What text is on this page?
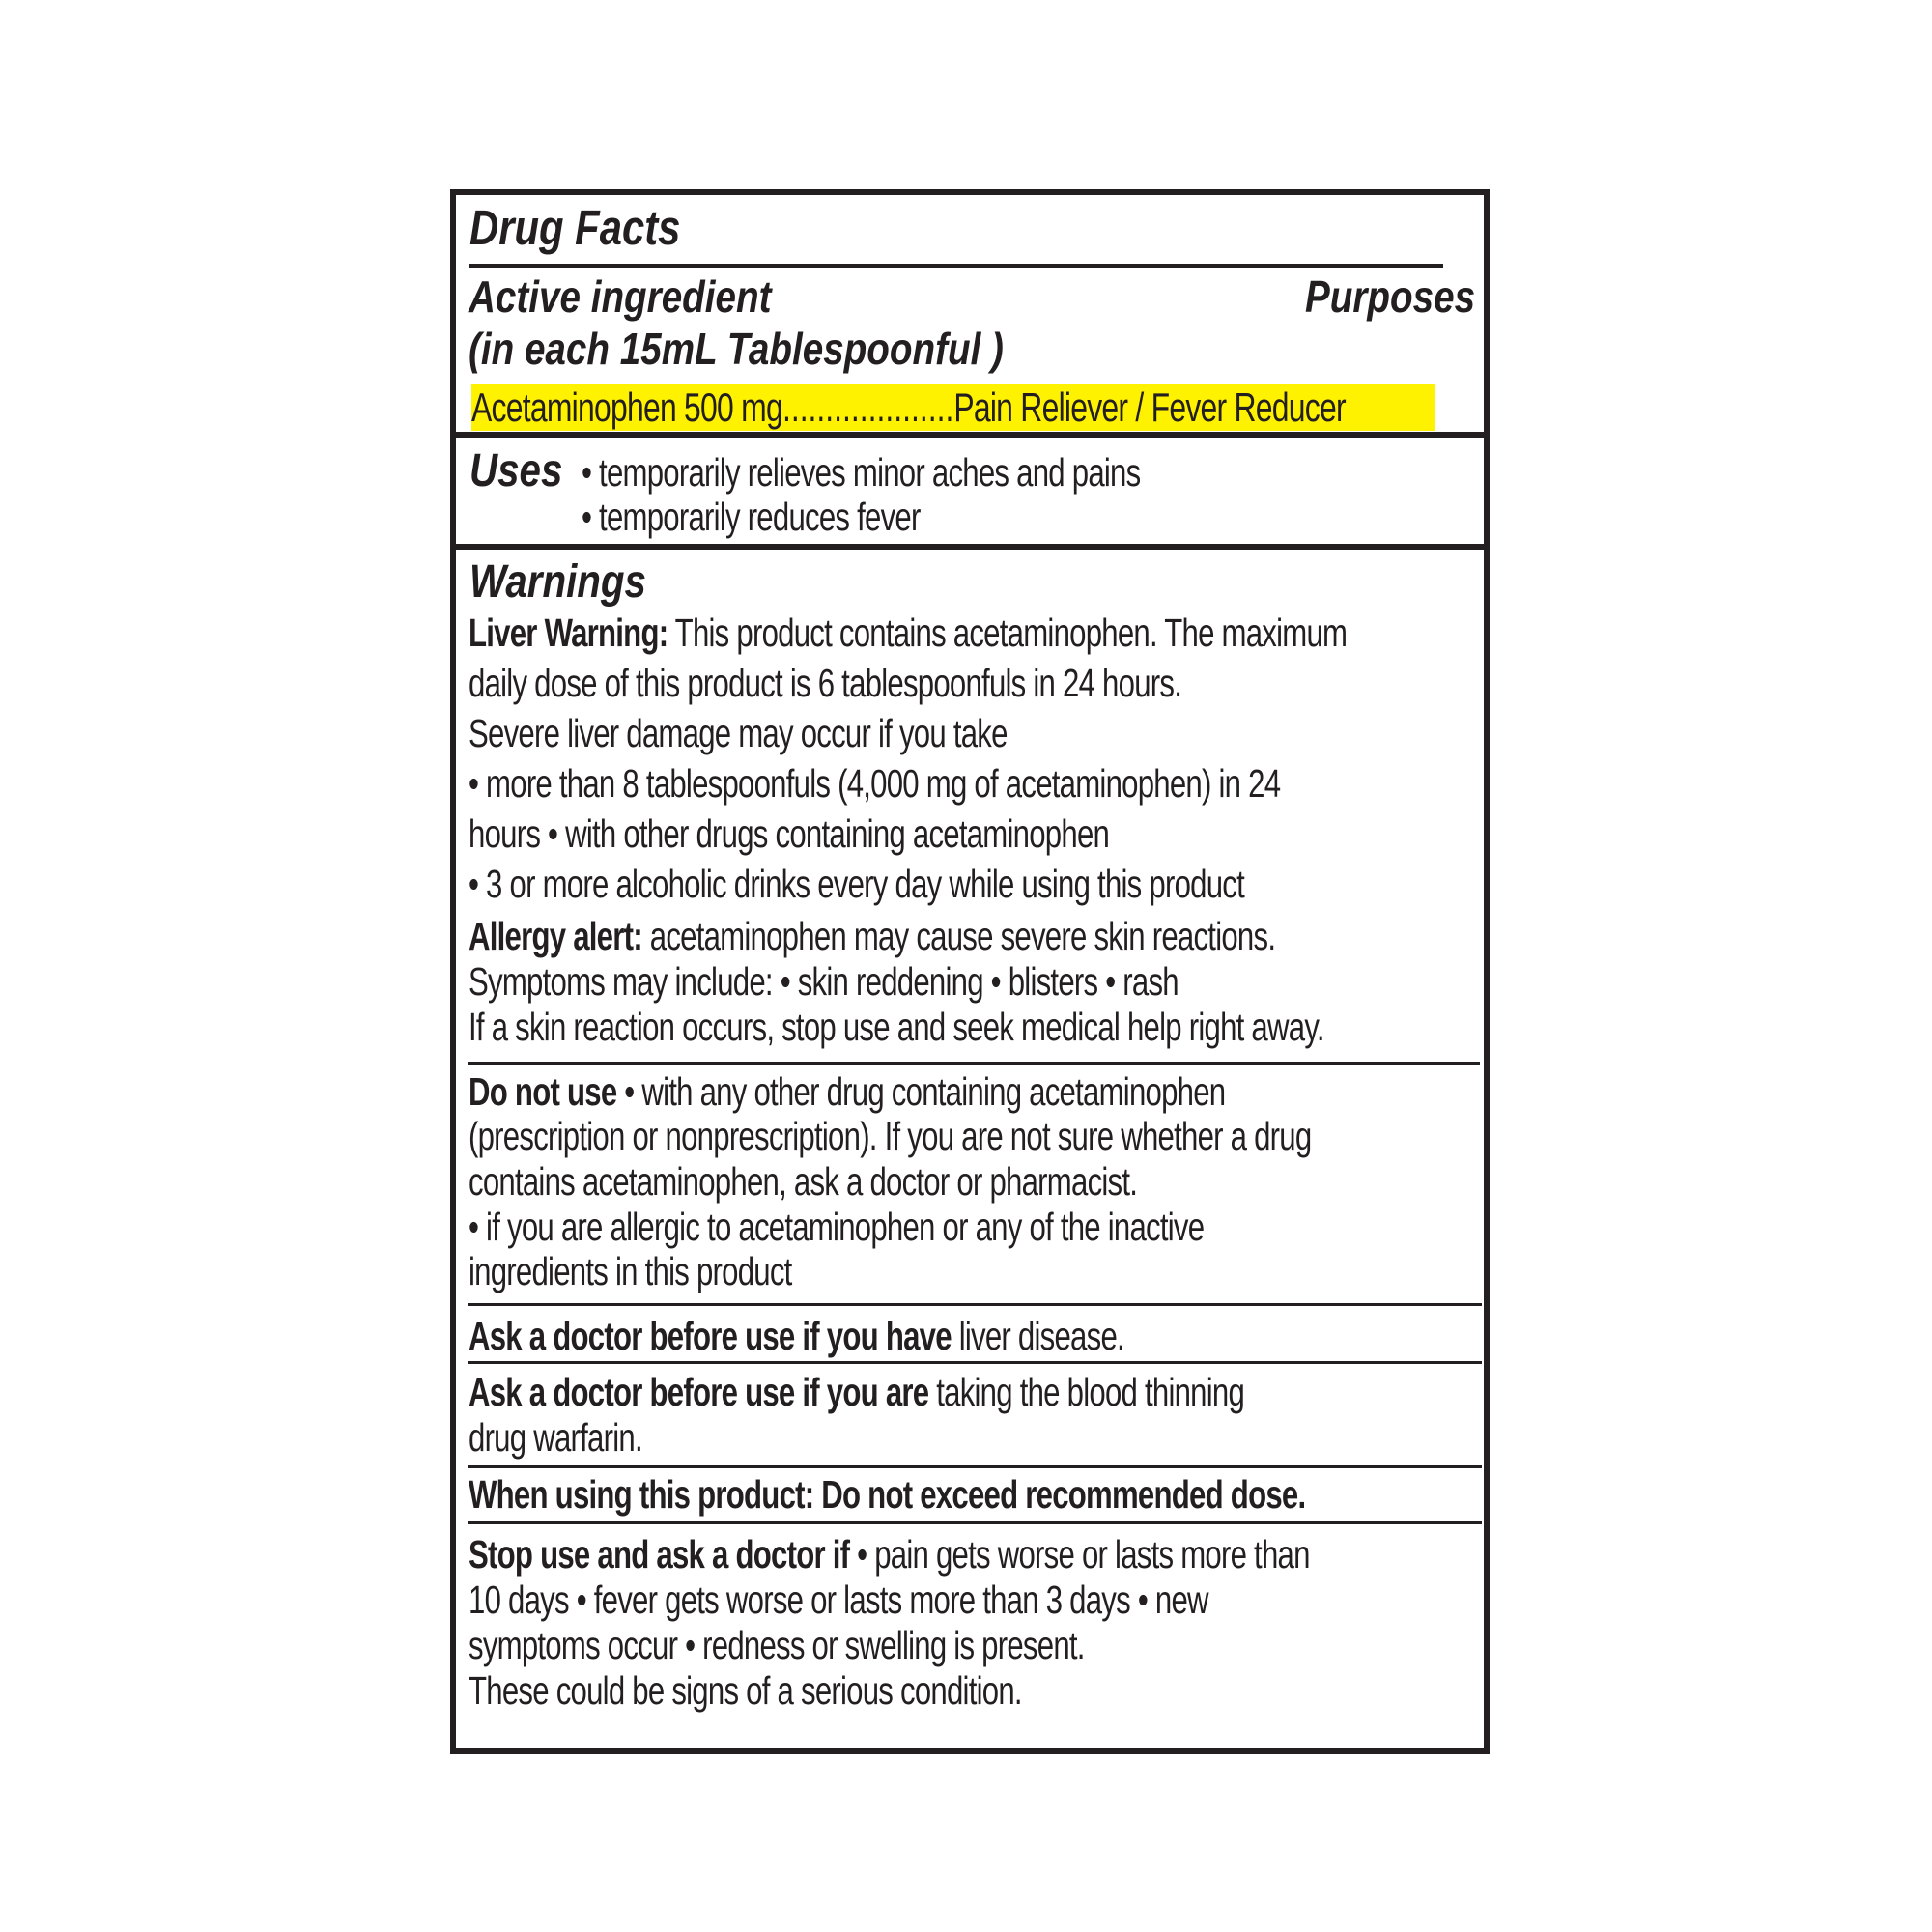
Drug Facts
Active ingredient	Purposes
(in each 15mL Tablespoonful )
Acetaminophen 500 mg....................Pain Reliever / Fever Reducer
Uses • temporarily relieves minor aches and pains
• temporarily reduces fever
Warnings
Liver Warning: This product contains acetaminophen. The maximum
daily dose of this product is 6 tablespoonfuls in 24 hours.
Severe liver damage may occur if you take
• more than 8 tablespoonfuls (4,000 mg of acetaminophen) in 24
hours • with other drugs containing acetaminophen
• 3 or more alcoholic drinks every day while using this product
Allergy alert: acetaminophen may cause severe skin reactions.
Symptoms may include: • skin reddening • blisters • rash
If a skin reaction occurs, stop use and seek medical help right away.
Do not use • with any other drug containing acetaminophen
(prescription or nonprescription). If you are not sure whether a drug
contains acetaminophen, ask a doctor or pharmacist.
• if you are allergic to acetaminophen or any of the inactive
ingredients in this product
Ask a doctor before use if you have liver disease.
Ask a doctor before use if you are taking the blood thinning
drug warfarin.
When using this product: Do not exceed recommended dose.
Stop use and ask a doctor if • pain gets worse or lasts more than
10 days • fever gets worse or lasts more than 3 days • new
symptoms occur • redness or swelling is present.
These could be signs of a serious condition.
